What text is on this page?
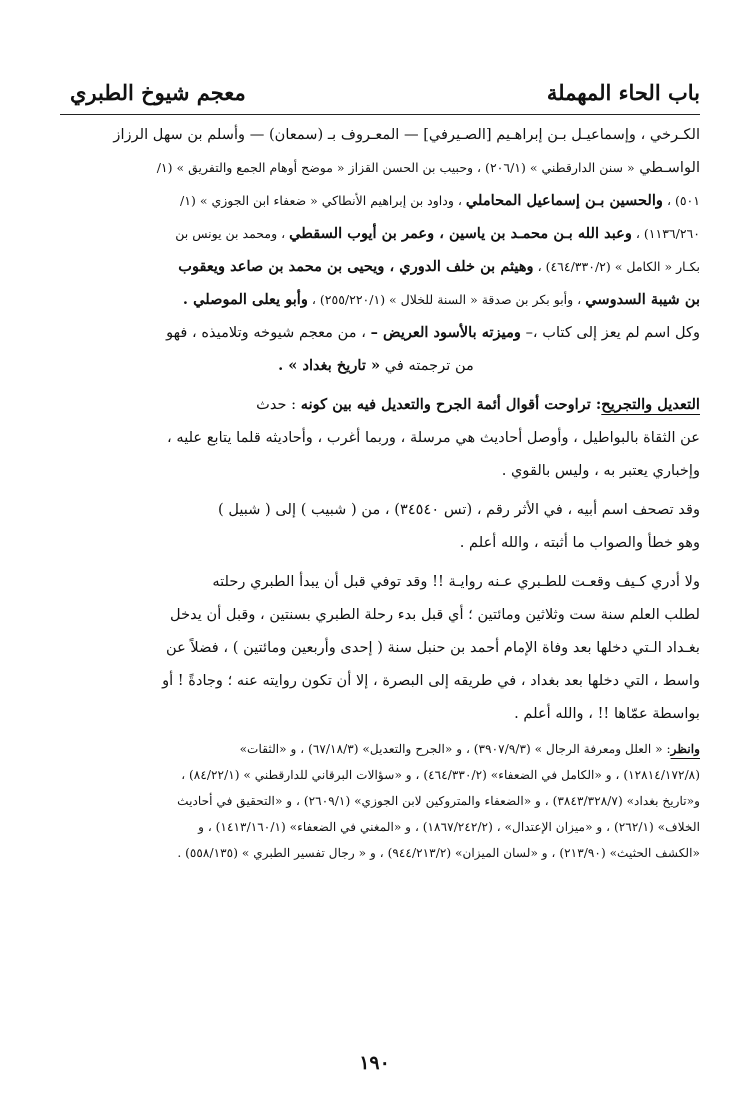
باب الحاء المهملة
معجم شيوخ الطبري

الكـرخي ، وإسماعيـل بـن إبراهـيم [الصـيرفي] — المعـروف بـ (سمعان) — وأسلم بن سهل الرزاز

الواسـطي « سنن الدارقطني » (٢٠٦/١) ، وحبيب بن الحسن القزاز « موضح أوهام الجمع والتفريق » (١/

٥٠١) ، والحسين بـن إسماعيل المحاملي ، وداود بن إبراهيم الأنطاكي « ضعفاء ابن الجوزي » (١/

١١٣٦/٢٦٠) ، وعبد الله بـن محمـد بن ياسين ، وعمر بن أيوب السقطي ، ومحمد بن يونس بن

بكـار « الكامل » (٤٦٤/٣٣٠/٢) ، وهيثم بن خلف الدوري ، ويحيى بن محمد بن صاعد ويعقوب

بن شيبة السدوسي ، وأبو بكر بن صدقة « السنة للخلال » (٢٥٥/٢٢٠/١) ، وأبو يعلى الموصلي .

وكل اسم لم يعز إلى كتاب ،– وميزته بالأسود العريض – ، من معجم شيوخه وتلاميذه ، فهو

من ترجمته في « تاريخ بغداد » .

التعديل والتجريح: تراوحت أقوال أئمة الجرح والتعديل فيه بين كونه : حدث

عن الثقاة بالبواطيل ، وأوصل أحاديث هي مرسلة ، وربما أغرب ، وأحاديثه قلما يتابع عليه ،

وإخباري يعتبر به ، وليس بالقوي .

وقد تصحف اسم أبيه ، في الأثر رقم ، (تس ٣٤٥٤٠) ، من ( شبيب ) إلى ( شبيل )

وهو خطأ والصواب ما أثبته ، والله أعلم .

ولا أدري كـيف وقعـت للطـبري عـنه روايـة !! وقد توفي قبل أن يبدأ الطبري رحلته

لطلب العلم سنة ست وثلاثين ومائتين ؛ أي قبل بدء رحلة الطبري بسنتين ، وقبل أن يدخل

بغـداد الـتي دخلها بعد وفاة الإمام أحمد بن حنبل سنة ( إحدى وأربعين ومائتين ) ، فضلاً عن

واسط ، التي دخلها بعد بغداد ، في طريقه إلى البصرة ، إلا أن تكون روايته عنه ؛ وجادةً ! أو

بواسطة عمّاها !! ، والله أعلم .

وانظر: « العلل ومعرفة الرجال » (٣٩٠٧/٩/٣) ، و «الجرح والتعديل» (٦٧/١٨/٣) ، و «الثقات»

(١٢٨١٤/١٧٢/٨) ، و «الكامل في الضعفاء» (٤٦٤/٣٣٠/٢) ، و «سؤالات البرقاني للدارقطني » (٨٤/٢٢/١) ،

و«تاريخ بغداد» (٣٨٤٣/٣٢٨/٧) ، و «الضعفاء والمتروكين لابن الجوزي» (٢٦٠٩/١) ، و «التحقيق في أحاديث

الخلاف» (٢٦٢/١) ، و «ميزان الإعتدال» ، (١٨٦٧/٢٤٢/٢) ، و «المغني في الضعفاء» (١٤١٣/١٦٠/١) ، و

«الكشف الحثيث» (٢١٣/٩٠) ، و «لسان الميزان» (٩٤٤/٢١٣/٢) ، و « رجال تفسير الطبري » (٥٥٨/١٣٥) .

١٩٠
